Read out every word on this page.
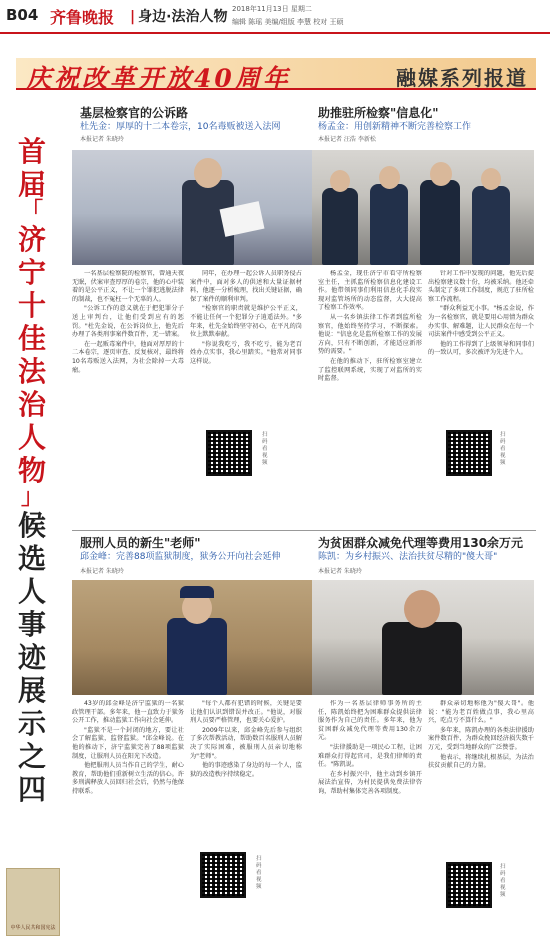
B04 齐鲁晚报 | 身边·法治人物 2018年11月13日 星期二
编辑 陈瑶 美编/组版 李慧 校对 王硕
庆祝改革开放40周年	融媒系列报道
首
届
「
济
宁
十
佳
法
治
人
物
」
候
选
人
事
迹
展
示
之
四
中华人民共和国宪法
基层检察官的公诉路
杜先金：厚厚的十二本卷宗，10名毒贩被送入法网
本报记者 朱晓玲
助推驻所检察"信息化"
杨孟金：用创新精神不断完善检察工作
本报记者 汪浩 李新松

一名基层检察院的检察官，曾通天夜无眠，伏案审查厚厚的卷宗，他的心中装着的是公平正义，不让一个罪犯逃脱法律的制裁，也不冤枉一个无辜的人。

"公诉工作的意义就在于把犯罪分子送上审判台，让他们受到应有的惩罚。"杜先金说，在公诉岗位上，他先后办理了各类刑事案件数百件，无一错案。

在一起贩毒案件中，他面对厚厚的十二本卷宗，逐页审查、反复核对，最终将10名毒贩送入法网，为社会除掉一大毒瘤。

同年，在办理一起公诉人员职务侵占案件中，面对多人的供述和大量证据材料，他逐一分析梳理，找出关键证据，确保了案件的顺利审判。

"检察官的职责就是维护公平正义，不能让任何一个犯罪分子逍遥法外。"多年来，杜先金始终坚守初心，在平凡的岗位上默默奉献。

"你说我吃亏，我不吃亏，能为老百姓办点实事，我心里踏实。"他常对同事这样说。

扫码看视频

杨孟金，现任济宁市看守所检察室主任，主抓监所检察信息化建设工作。他带领同事们利用信息化手段实现对监管场所的动态监督，大大提高了检察工作效率。

从一名乡镇法律工作者到监所检察官，他始终坚持学习，不断探索。他说："信息化是监所检察工作的发展方向，只有不断创新，才能适应新形势的需要。"

在他的推动下，驻所检察室建立了监控联网系统，实现了对监所的实时监督。

针对工作中发现的问题，他先后提出检察建议数十份，均被采纳。他还牵头制定了多项工作制度，规范了驻所检察工作流程。

"群众利益无小事。"杨孟金说，作为一名检察官，就是要用心用情为群众办实事、解难题，让人民群众在每一个司法案件中感受到公平正义。

他的工作得到了上级领导和同事们的一致认可，多次被评为先进个人。

扫码看视频
服刑人员的新生"老师"
邱金峰：完善88项监狱制度，狱务公开向社会延伸
本报记者 朱晓玲
为贫困群众减免代理等费用130余万元
陈凯：为乡村振兴、法治扶贫尽精的"傻大哥"
本报记者 朱晓玲

43岁的邱金峰是济宁监狱的一名狱政管理干部。多年来，他一直致力于狱务公开工作，推动监狱工作向社会延伸。

"监狱不是一个封闭的地方，要让社会了解监狱，监督监狱。"邱金峰说。在他的推动下，济宁监狱完善了88项监狱制度，让服刑人员在阳光下改造。

他把服刑人员当作自己的学生，耐心教育，帮助他们重新树立生活的信心。许多刑满释放人员回归社会后，仍然与他保持联系。

"每个人都有犯错的时候，关键是要让他们认识到错误并改正。"他说，对服刑人员要严格管理，也要关心爱护。

2009年以来，邱金峰先后参与组织了多次帮教活动，帮助数百名服刑人员解决了实际困难，被服刑人员亲切地称为"老师"。

他的事迹感染了身边的每一个人，监狱的改造秩序持续稳定。

扫码看视频

作为一名基层律师事务所的主任，陈凯始终把为困难群众提供法律服务作为自己的责任。多年来，他为贫困群众减免代理等费用130余万元。

"法律援助是一项民心工程，让困难群众打得起官司，是我们律师的责任。"陈凯说。

在乡村振兴中，他主动到乡镇开展法治宣传，为村民提供免费法律咨询，帮助村集体完善各项制度。

群众亲切地称他为"傻大哥"。他说："能为老百姓做点事，我心里高兴，吃点亏不算什么。"

多年来，陈凯办理的各类法律援助案件数百件，为群众挽回经济损失数千万元，受到当地群众的广泛赞誉。

他表示，将继续扎根基层，为法治扶贫贡献自己的力量。

扫码看视频
